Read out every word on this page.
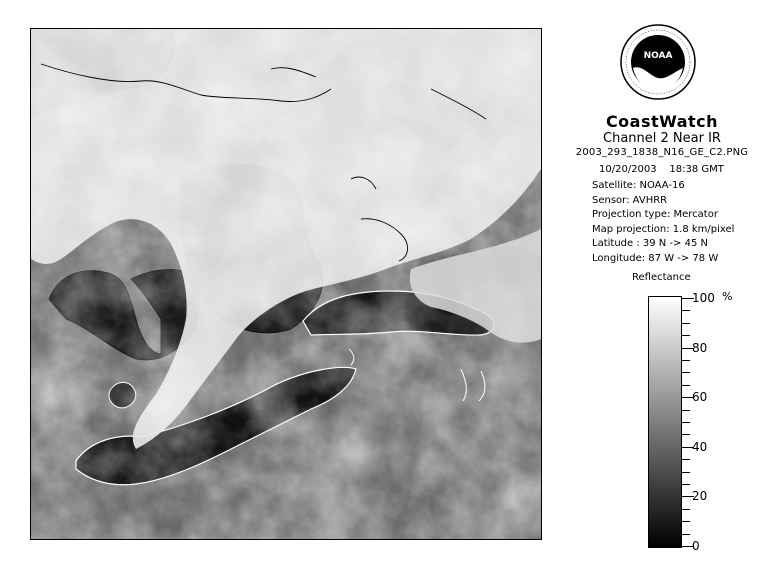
NOAA
CoastWatch
Channel 2 Near IR
2003_293_1838_N16_GE_C2.PNG
10/20/2003 18:38 GMT
Satellite: NOAA-16
Sensor: AVHRR
Projection type: Mercator
Map projection: 1.8 km/pixel
Latitude : 39 N -> 45 N
Longitude: 87 W -> 78 W
Reflectance
%
100
80
60
40
20
0
